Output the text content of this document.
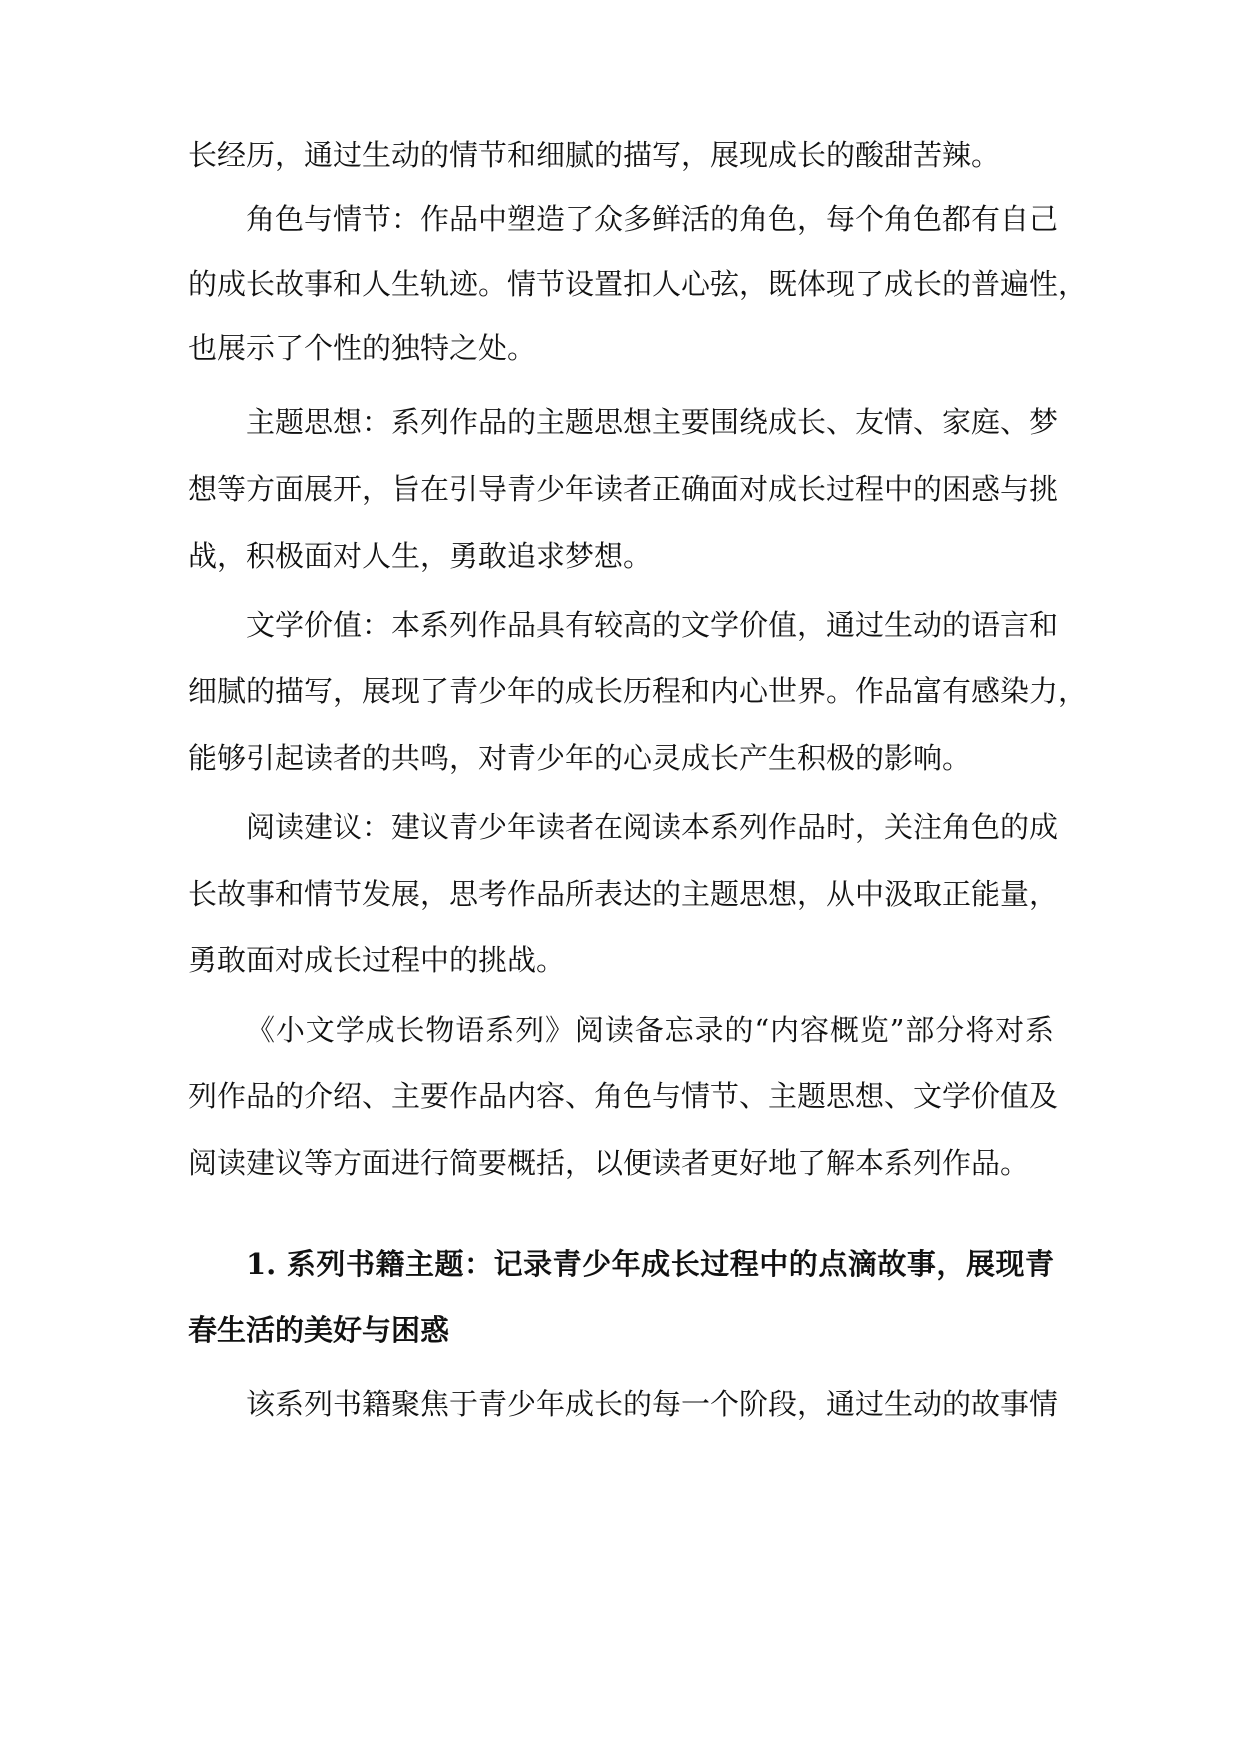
长经历，通过生动的情节和细腻的描写，展现成长的酸甜苦辣。
角色与情节：作品中塑造了众多鲜活的角色，每个角色都有自己
的成长故事和人生轨迹。情节设置扣人心弦，既体现了成长的普遍性，
也展示了个性的独特之处。
主题思想：系列作品的主题思想主要围绕成长、友情、家庭、梦
想等方面展开，旨在引导青少年读者正确面对成长过程中的困惑与挑
战，积极面对人生，勇敢追求梦想。
文学价值：本系列作品具有较高的文学价值，通过生动的语言和
细腻的描写，展现了青少年的成长历程和内心世界。作品富有感染力，
能够引起读者的共鸣，对青少年的心灵成长产生积极的影响。
阅读建议：建议青少年读者在阅读本系列作品时，关注角色的成
长故事和情节发展，思考作品所表达的主题思想，从中汲取正能量，
勇敢面对成长过程中的挑战。
《小文学成长物语系列》阅读备忘录的“内容概览”部分将对系
列作品的介绍、主要作品内容、角色与情节、主题思想、文学价值及
阅读建议等方面进行简要概括，以便读者更好地了解本系列作品。
1. 系列书籍主题：记录青少年成长过程中的点滴故事，展现青
春生活的美好与困惑
该系列书籍聚焦于青少年成长的每一个阶段，通过生动的故事情
